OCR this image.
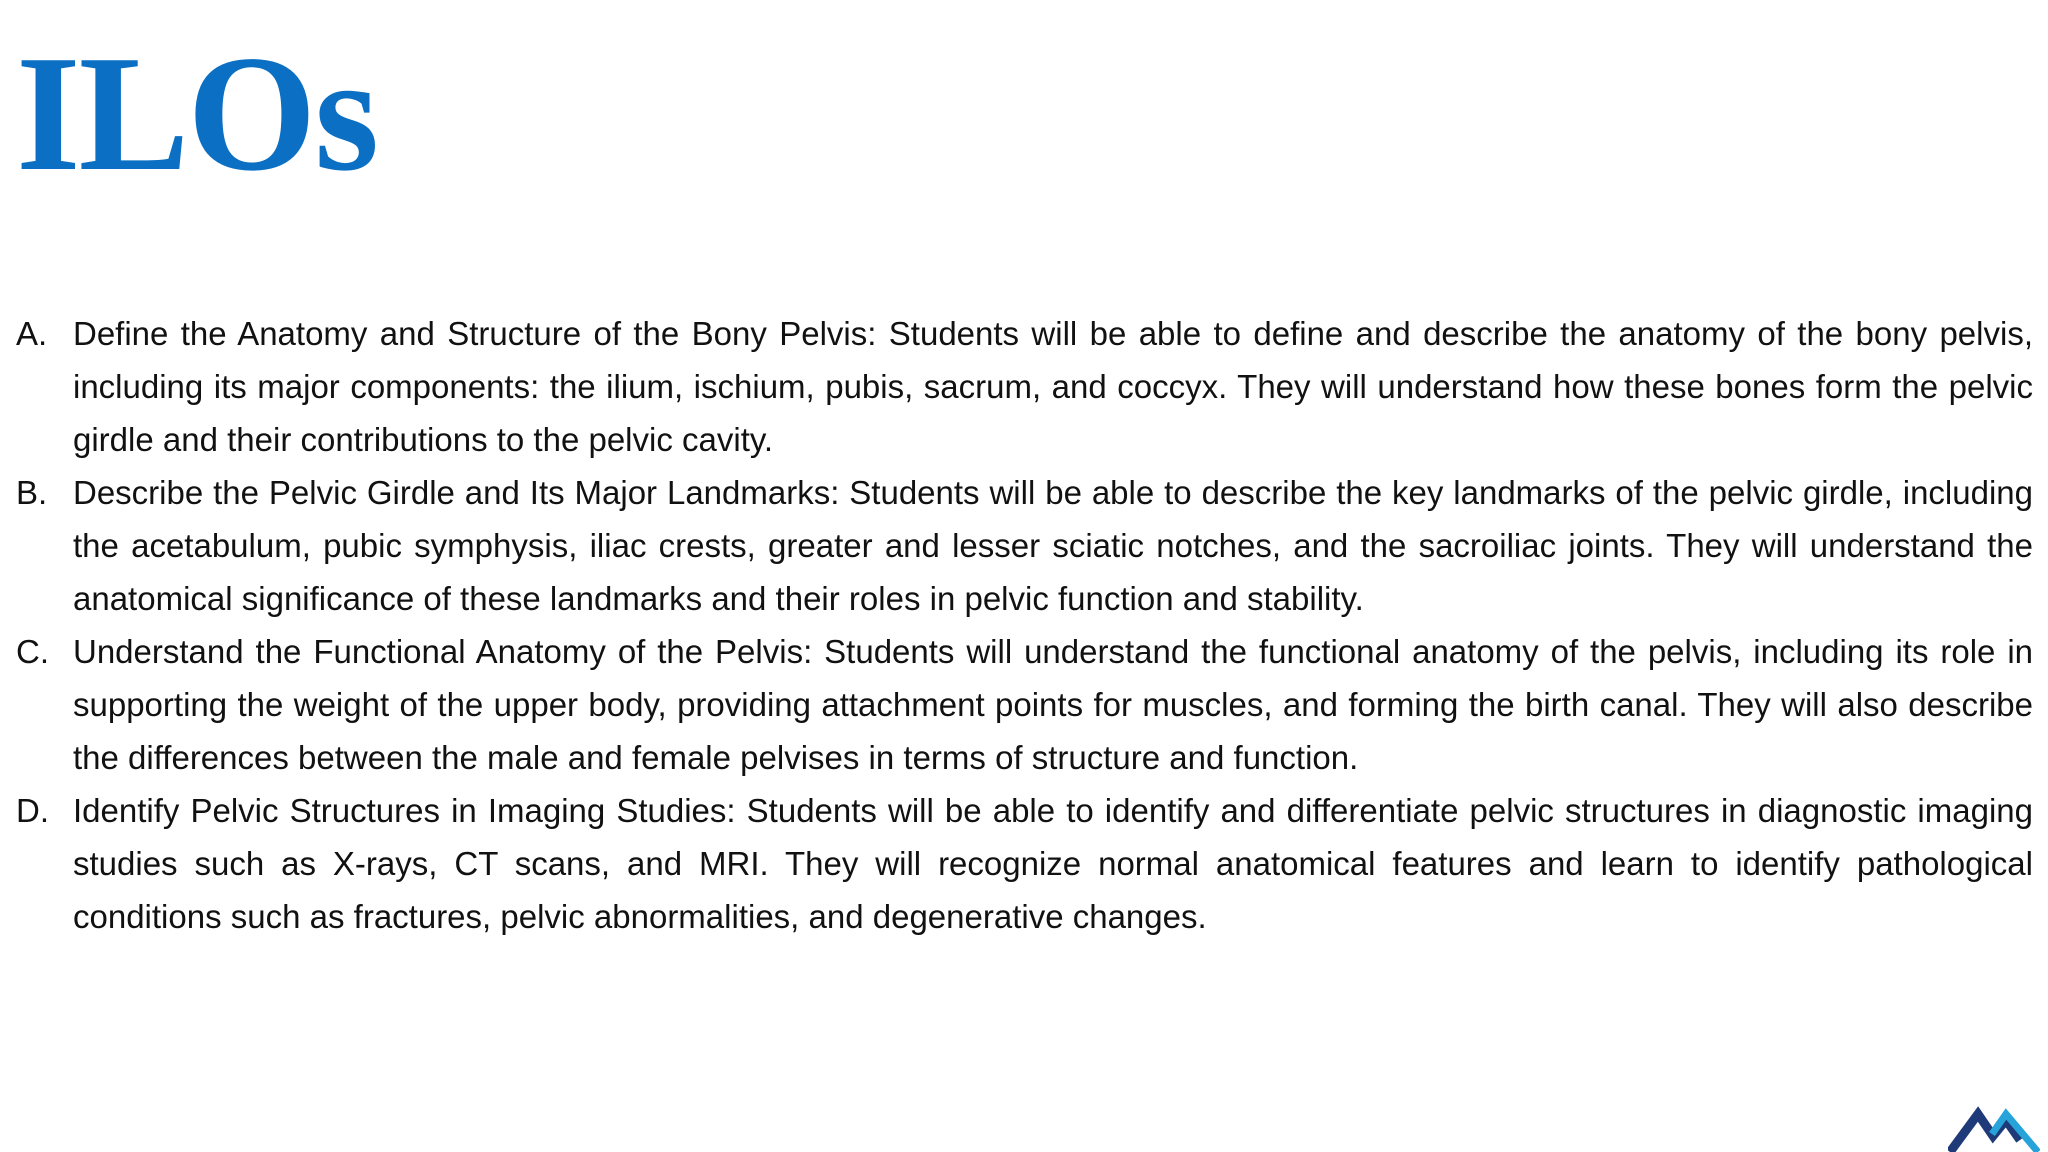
ILOs
A. Define the Anatomy and Structure of the Bony Pelvis: Students will be able to define and describe the anatomy of the bony pelvis, including its major components: the ilium, ischium, pubis, sacrum, and coccyx. They will understand how these bones form the pelvic girdle and their contributions to the pelvic cavity.
B. Describe the Pelvic Girdle and Its Major Landmarks: Students will be able to describe the key landmarks of the pelvic girdle, including the acetabulum, pubic symphysis, iliac crests, greater and lesser sciatic notches, and the sacroiliac joints. They will understand the anatomical significance of these landmarks and their roles in pelvic function and stability.
C. Understand the Functional Anatomy of the Pelvis: Students will understand the functional anatomy of the pelvis, including its role in supporting the weight of the upper body, providing attachment points for muscles, and forming the birth canal. They will also describe the differences between the male and female pelvises in terms of structure and function.
D. Identify Pelvic Structures in Imaging Studies: Students will be able to identify and differentiate pelvic structures in diagnostic imaging studies such as X-rays, CT scans, and MRI. They will recognize normal anatomical features and learn to identify pathological conditions such as fractures, pelvic abnormalities, and degenerative changes.
